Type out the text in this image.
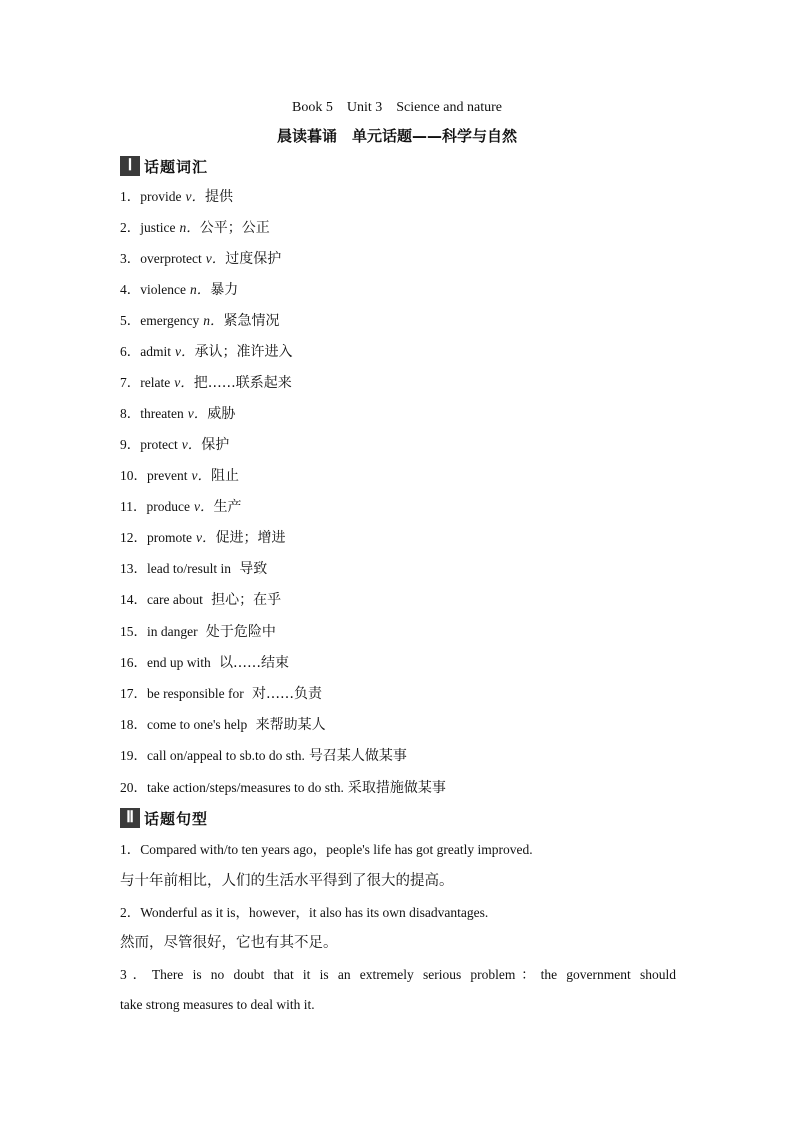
Book 5　Unit 3　Science and nature
晨读暮诵　单元话题——科学与自然
Ⅰ 话题词汇
1．provide v．提供
2．justice n．公平；公正
3．overprotect v．过度保护
4．violence n．暴力
5．emergency n．紧急情况
6．admit v．承认；准许进入
7．relate v．把……联系起来
8．threaten v．威胁
9．protect v．保护
10．prevent v．阻止
11．produce v．生产
12．promote v．促进；增进
13．lead to/result in 导致
14．care about 担心；在乎
15．in danger 处于危险中
16．end up with 以……结束
17．be responsible for 对……负责
18．come to one's help 来帮助某人
19．call on/appeal to sb.to do sth. 号召某人做某事
20．take action/steps/measures to do sth. 采取措施做某事
Ⅱ 话题句型
1．Compared with/to ten years ago，people's life has got greatly improved.
与十年前相比，人们的生活水平得到了很大的提高。
2．Wonderful as it is，however，it also has its own disadvantages.
然而，尽管很好，它也有其不足。
3．There is no doubt that it is an extremely serious problem：the government should
take strong measures to deal with it.
